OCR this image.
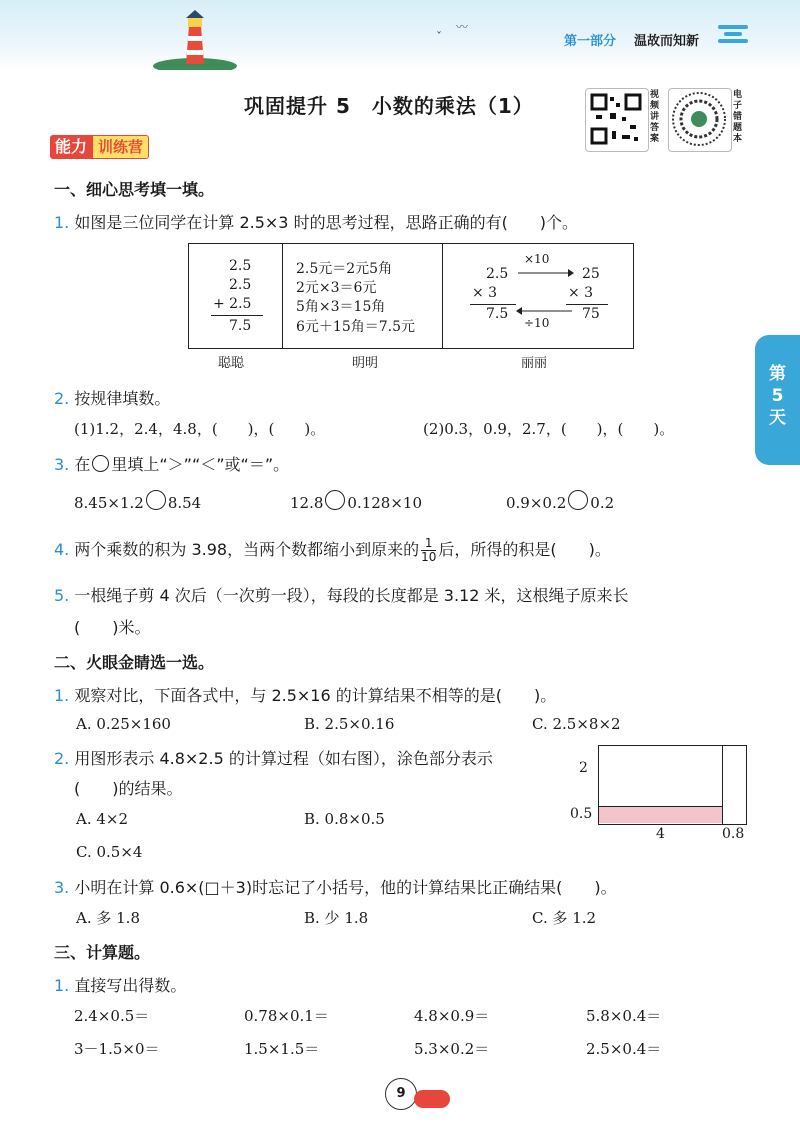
〰
ˇ	第一部分 温故而知新
巩固提升 5　小数的乘法（1）	视频讲答案
电子错题本
能力 训练营
第5天
一、细心思考填一填。
1. 如图是三位同学在计算 2.5×3 时的思考过程，思路正确的有(　　)个。
2.5
2.5
+ 2.5
7.5
2.5元＝2元5角
2元×3＝6元
5角×3＝15角
6元＋15角＝7.5元
2.5
× 3
7.5
×10
25
× 3
75
÷10
聪聪	明明	丽丽
2. 按规律填数。
(1)1.2，2.4，4.8，(　　)，(　　)。	(2)0.3，0.9，2.7，(　　)，(　　)。
3. 在 里填上“＞”“＜”或“＝”。
8.45×1.2 8.54	12.8 0.128×10	0.9×0.2 0.2
4. 两个乘数的积为 3.98，当两个数都缩小到原来的 $\frac{1}{10}$ 后，所得的积是(　　)。
5. 一根绳子剪 4 次后（一次剪一段），每段的长度都是 3.12 米，这根绳子原来长
(　　)米。
二、火眼金睛选一选。
1. 观察对比，下面各式中，与 2.5×16 的计算结果不相等的是(　　)。
A. 0.25×160	B. 2.5×0.16	C. 2.5×8×2
2. 用图形表示 4.8×2.5 的计算过程（如右图），涂色部分表示
(　　)的结果。
A. 4×2	B. 0.8×0.5
C. 0.5×4
2
0.5
4	0.8
3. 小明在计算 0.6×(□＋3)时忘记了小括号，他的计算结果比正确结果(　　)。
A. 多 1.8	B. 少 1.8	C. 多 1.2
三、计算题。
1. 直接写出得数。
2.4×0.5＝	0.78×0.1＝	4.8×0.9＝	5.8×0.4＝
3－1.5×0＝	1.5×1.5＝	5.3×0.2＝	2.5×0.4＝
9
